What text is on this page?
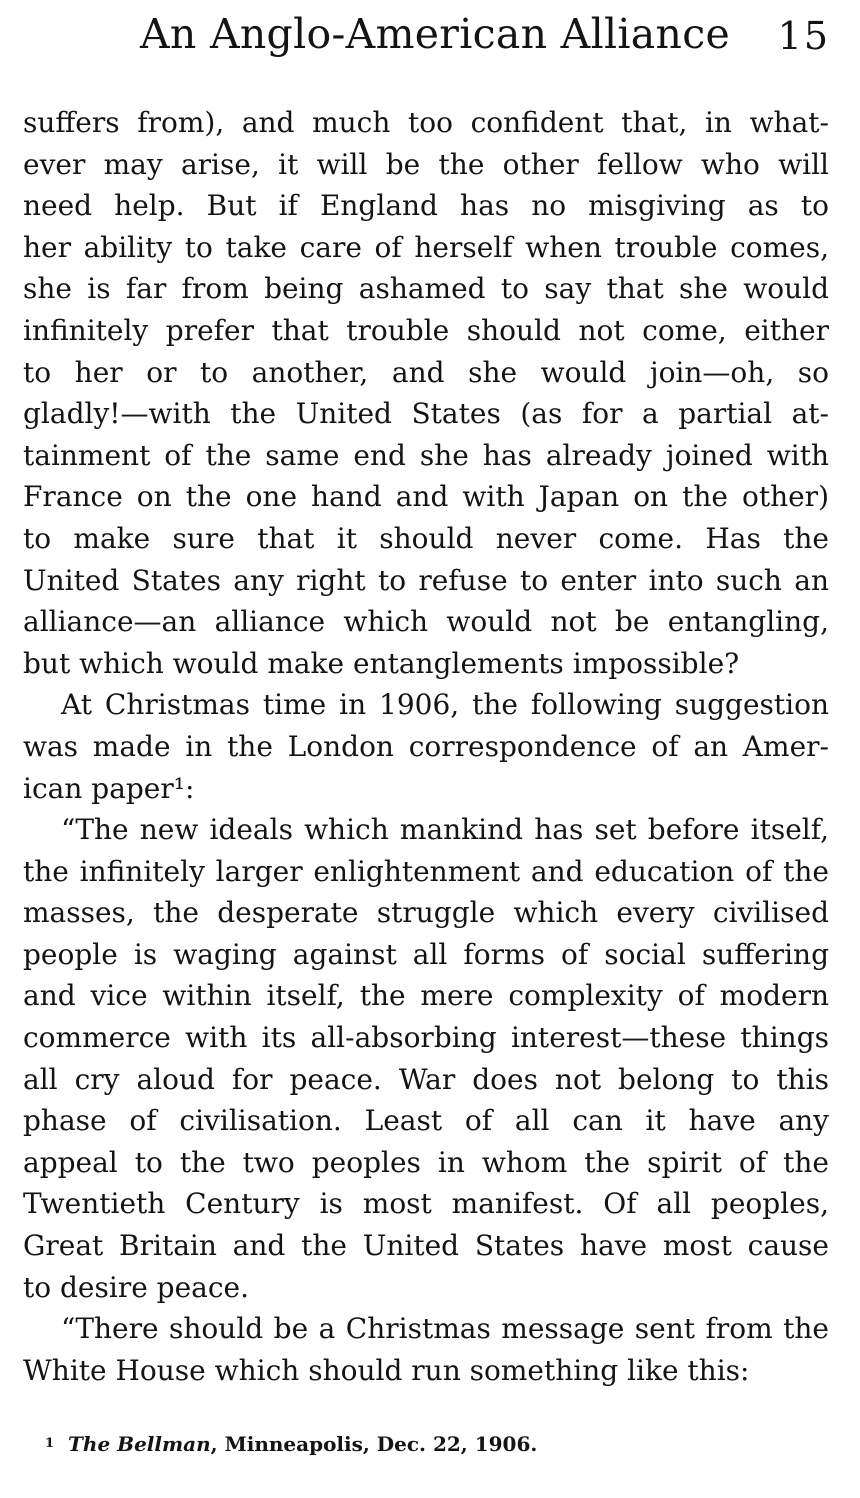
An Anglo-American Alliance 15
suffers from), and much too confident that, in what-
ever may arise, it will be the other fellow who will
need help. But if England has no misgiving as to
her ability to take care of herself when trouble comes,
she is far from being ashamed to say that she would
infinitely prefer that trouble should not come, either
to her or to another, and she would join—oh, so
gladly!—with the United States (as for a partial at-
tainment of the same end she has already joined with
France on the one hand and with Japan on the other)
to make sure that it should never come. Has the
United States any right to refuse to enter into such an
alliance—an alliance which would not be entangling,
but which would make entanglements impossible?
At Christmas time in 1906, the following suggestion
was made in the London correspondence of an Amer-
ican paper¹:
“The new ideals which mankind has set before itself,
the infinitely larger enlightenment and education of the
masses, the desperate struggle which every civilised
people is waging against all forms of social suffering
and vice within itself, the mere complexity of modern
commerce with its all-absorbing interest—these things
all cry aloud for peace. War does not belong to this
phase of civilisation. Least of all can it have any
appeal to the two peoples in whom the spirit of the
Twentieth Century is most manifest. Of all peoples,
Great Britain and the United States have most cause
to desire peace.
“There should be a Christmas message sent from the
White House which should run something like this:
$^1$ The Bellman, Minneapolis, Dec. 22, 1906.
